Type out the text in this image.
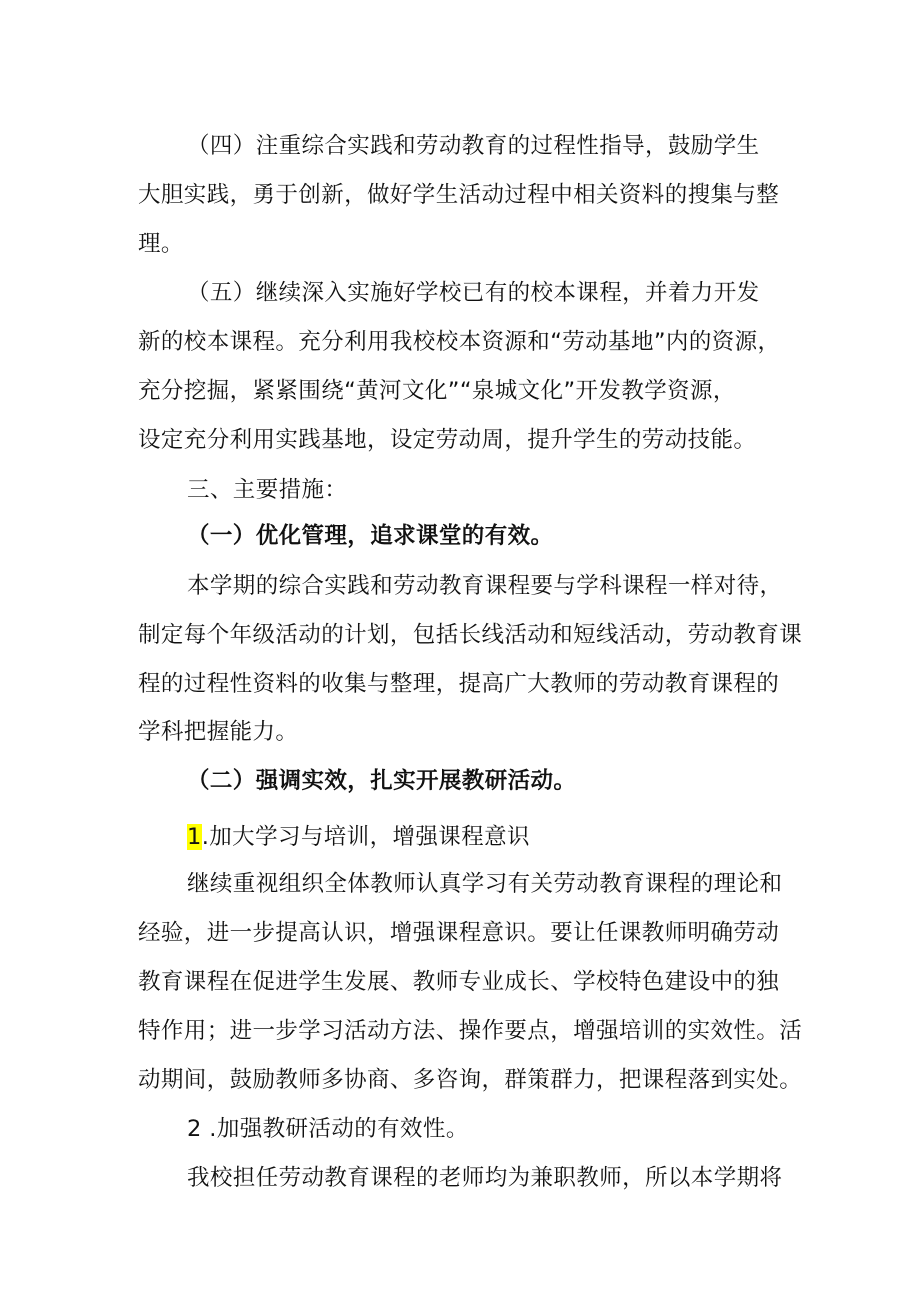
（四）注重综合实践和劳动教育的过程性指导，鼓励学生
大胆实践，勇于创新，做好学生活动过程中相关资料的搜集与整
理。
（五）继续深入实施好学校已有的校本课程，并着力开发
新的校本课程。充分利用我校校本资源和“劳动基地”内的资源，
充分挖掘，紧紧围绕“黄河文化”“泉城文化”开发教学资源，
设定充分利用实践基地，设定劳动周，提升学生的劳动技能。
三、主要措施：
（一）优化管理，追求课堂的有效。
本学期的综合实践和劳动教育课程要与学科课程一样对待，
制定每个年级活动的计划，包括长线活动和短线活动，劳动教育课
程的过程性资料的收集与整理，提高广大教师的劳动教育课程的
学科把握能力。
（二）强调实效，扎实开展教研活动。
1.加大学习与培训，增强课程意识
继续重视组织全体教师认真学习有关劳动教育课程的理论和
经验，进一步提高认识，增强课程意识。要让任课教师明确劳动
教育课程在促进学生发展、教师专业成长、学校特色建设中的独
特作用；进一步学习活动方法、操作要点，增强培训的实效性。活
动期间，鼓励教师多协商、多咨询，群策群力，把课程落到实处。
2 .加强教研活动的有效性。
我校担任劳动教育课程的老师均为兼职教师，所以本学期将
